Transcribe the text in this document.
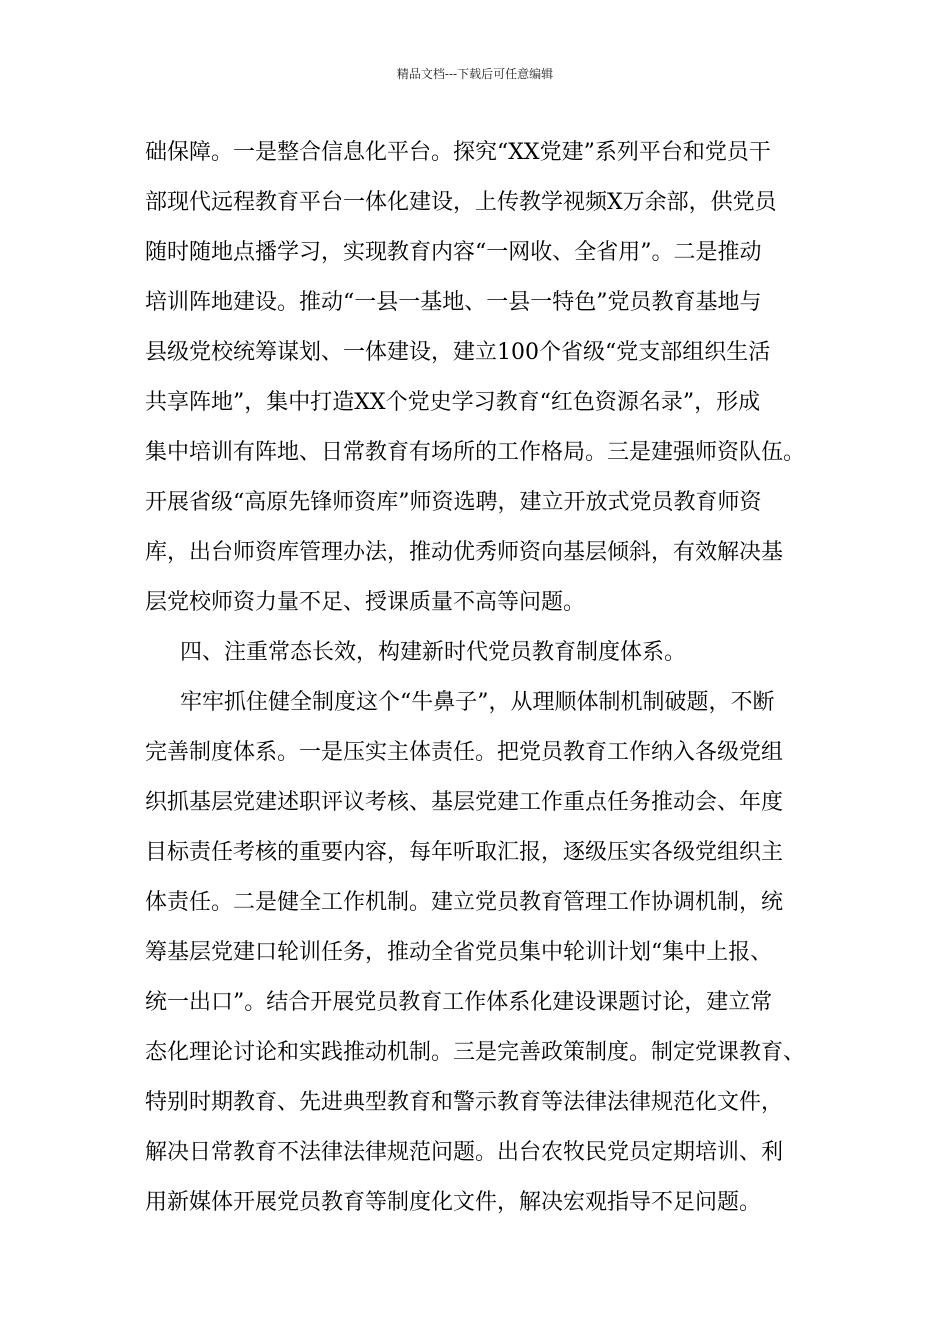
精品文档---下载后可任意编辑
础保障。一是整合信息化平台。探究“XX党建”系列平台和党员干
部现代远程教育平台一体化建设，上传教学视频X万余部，供党员
随时随地点播学习，实现教育内容“一网收、全省用”。二是推动
培训阵地建设。推动“一县一基地、一县一特色”党员教育基地与
县级党校统筹谋划、一体建设，建立100个省级“党支部组织生活
共享阵地”，集中打造XX个党史学习教育“红色资源名录”，形成
集中培训有阵地、日常教育有场所的工作格局。三是建强师资队伍。
开展省级“高原先锋师资库”师资选聘，建立开放式党员教育师资
库，出台师资库管理办法，推动优秀师资向基层倾斜，有效解决基
层党校师资力量不足、授课质量不高等问题。
四、注重常态长效，构建新时代党员教育制度体系。
牢牢抓住健全制度这个“牛鼻子”，从理顺体制机制破题，不断
完善制度体系。一是压实主体责任。把党员教育工作纳入各级党组
织抓基层党建述职评议考核、基层党建工作重点任务推动会、年度
目标责任考核的重要内容，每年听取汇报，逐级压实各级党组织主
体责任。二是健全工作机制。建立党员教育管理工作协调机制，统
筹基层党建口轮训任务，推动全省党员集中轮训计划“集中上报、
统一出口”。结合开展党员教育工作体系化建设课题讨论，建立常
态化理论讨论和实践推动机制。三是完善政策制度。制定党课教育、
特别时期教育、先进典型教育和警示教育等法律法律规范化文件，
解决日常教育不法律法律规范问题。出台农牧民党员定期培训、利
用新媒体开展党员教育等制度化文件，解决宏观指导不足问题。
